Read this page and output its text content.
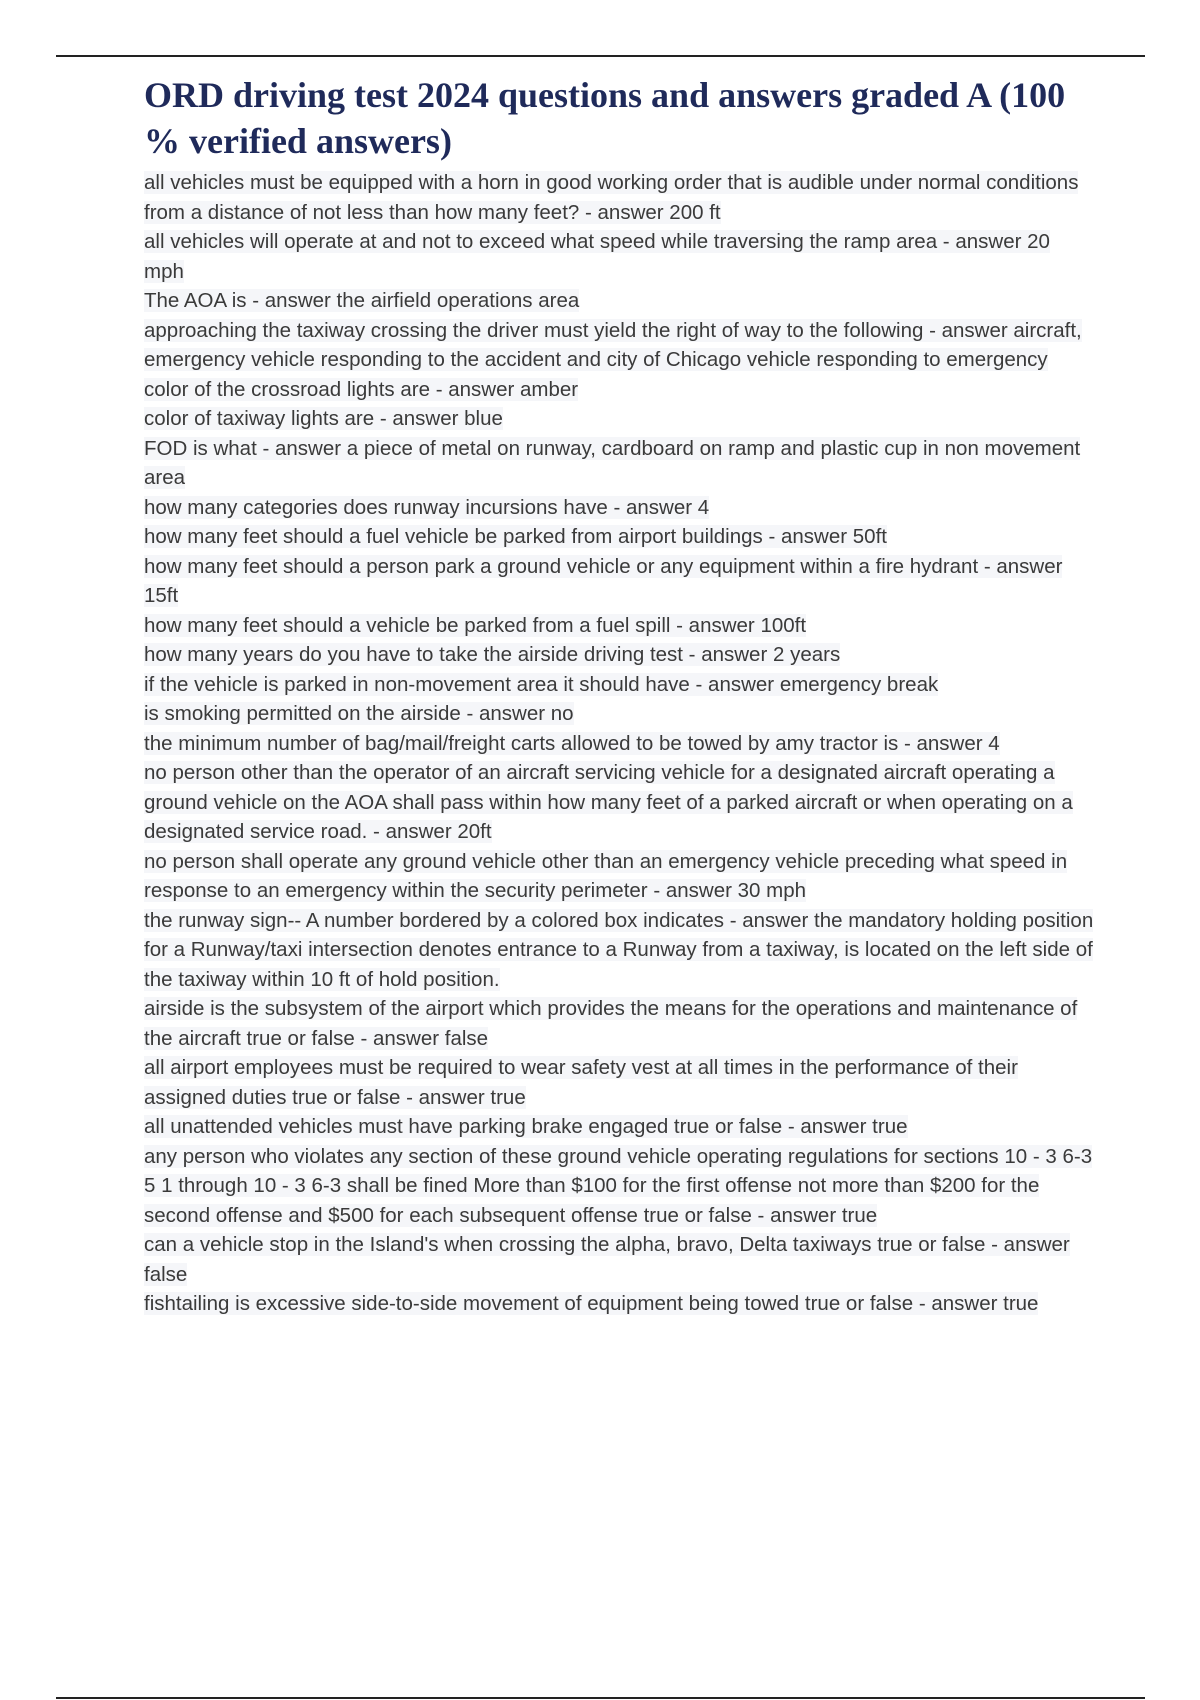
ORD driving test 2024 questions and answers graded A (100 % verified answers)
all vehicles must be equipped with a horn in good working order that is audible under normal conditions from a distance of not less than how many feet? - answer 200 ft
all vehicles will operate at and not to exceed what speed while traversing the ramp area - answer 20 mph
The AOA is - answer the airfield operations area
approaching the taxiway crossing the driver must yield the right of way to the following - answer aircraft, emergency vehicle responding to the accident and city of Chicago vehicle responding to emergency
color of the crossroad lights are - answer amber
color of taxiway lights are - answer blue
FOD is what - answer a piece of metal on runway, cardboard on ramp and plastic cup in non movement area
how many categories does runway incursions have - answer 4
how many feet should a fuel vehicle be parked from airport buildings - answer 50ft
how many feet should a person park a ground vehicle or any equipment within a fire hydrant - answer 15ft
how many feet should a vehicle be parked from a fuel spill - answer 100ft
how many years do you have to take the airside driving test - answer 2 years
if the vehicle is parked in non-movement area it should have - answer emergency break
is smoking permitted on the airside - answer no
the minimum number of bag/mail/freight carts allowed to be towed by amy tractor is - answer 4
no person other than the operator of an aircraft servicing vehicle for a designated aircraft operating a ground vehicle on the AOA shall pass within how many feet of a parked aircraft or when operating on a designated service road. - answer 20ft
no person shall operate any ground vehicle other than an emergency vehicle preceding what speed in response to an emergency within the security perimeter - answer 30 mph
the runway sign-- A number bordered by a colored box indicates - answer the mandatory holding position for a Runway/taxi intersection denotes entrance to a Runway from a taxiway, is located on the left side of the taxiway within 10 ft of hold position.
airside is the subsystem of the airport which provides the means for the operations and maintenance of the aircraft true or false - answer false
all airport employees must be required to wear safety vest at all times in the performance of their assigned duties true or false - answer true
all unattended vehicles must have parking brake engaged true or false - answer true
any person who violates any section of these ground vehicle operating regulations for sections 10 - 3 6-3 5 1 through 10 - 3 6-3 shall be fined More than $100 for the first offense not more than $200 for the second offense and $500 for each subsequent offense true or false - answer true
can a vehicle stop in the Island's when crossing the alpha, bravo, Delta taxiways true or false - answer false
fishtailing is excessive side-to-side movement of equipment being towed true or false - answer true
